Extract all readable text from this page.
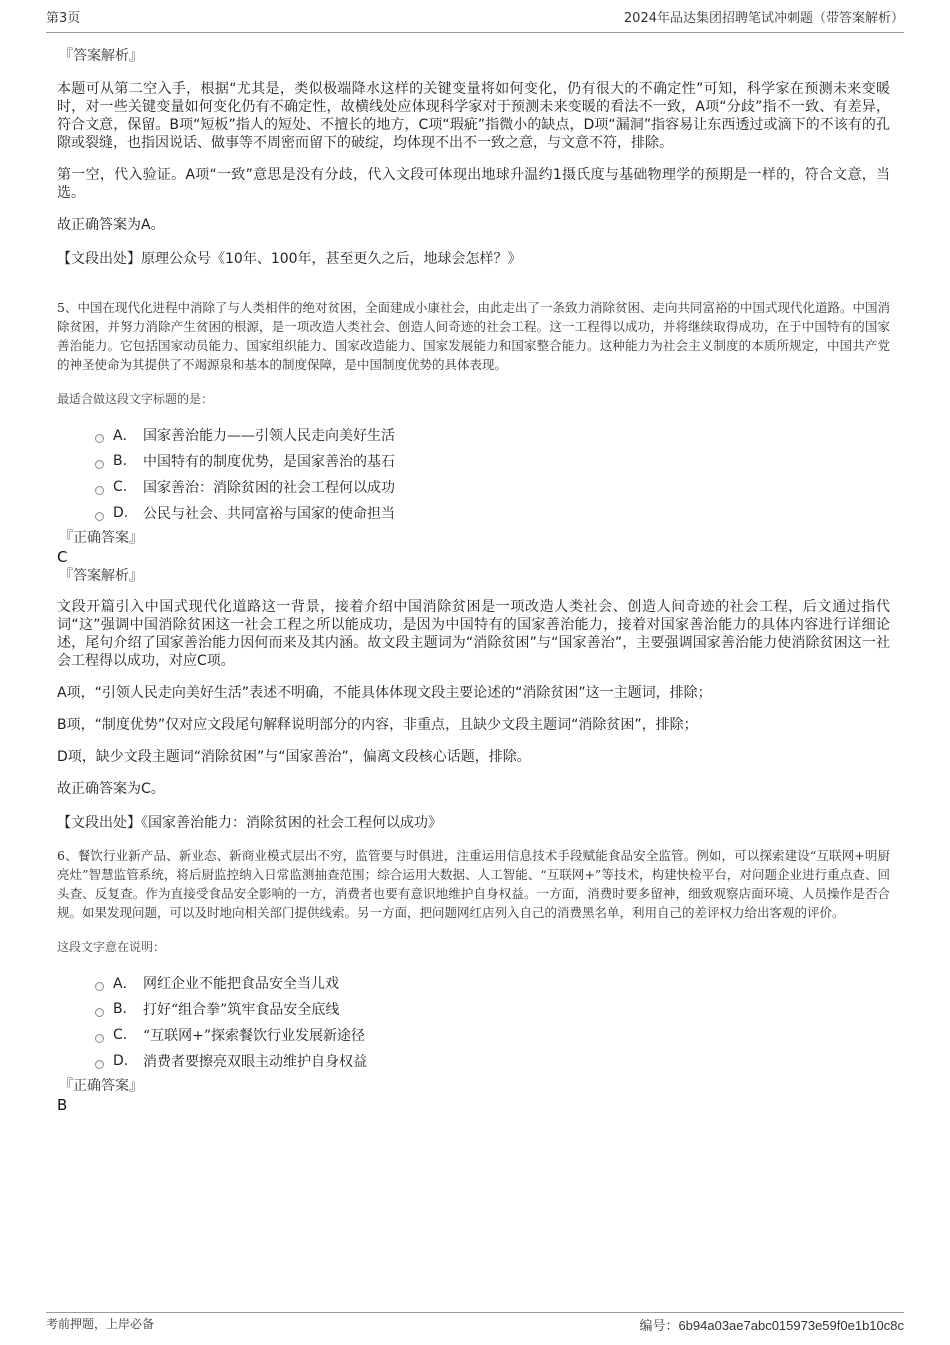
第3页	2024年品达集团招聘笔试冲刺题（带答案解析）
『答案解析』

本题可从第二空入手，根据“尤其是，类似极端降水这样的关键变量将如何变化，仍有很大的不确定性”可知，科学家在预测未来变暖时，对一些关键变量如何变化仍有不确定性，故横线处应体现科学家对于预测未来变暖的看法不一致，A项“分歧”指不一致、有差异，符合文意，保留。B项“短板”指人的短处、不擅长的地方，C项“瑕疵”指微小的缺点，D项“漏洞”指容易让东西透过或滴下的不该有的孔隙或裂缝，也指因说话、做事等不周密而留下的破绽，均体现不出不一致之意，与文意不符，排除。

第一空，代入验证。A项“一致”意思是没有分歧，代入文段可体现出地球升温约1摄氏度与基础物理学的预期是一样的，符合文意，当选。

故正确答案为A。

【文段出处】原理公众号《10年、100年，甚至更久之后，地球会怎样？》

5、中国在现代化进程中消除了与人类相伴的绝对贫困，全面建成小康社会，由此走出了一条致力消除贫困、走向共同富裕的中国式现代化道路。中国消除贫困，并努力消除产生贫困的根源，是一项改造人类社会、创造人间奇迹的社会工程。这一工程得以成功，并将继续取得成功，在于中国特有的国家善治能力。它包括国家动员能力、国家组织能力、国家改造能力、国家发展能力和国家整合能力。这种能力为社会主义制度的本质所规定，中国共产党的神圣使命为其提供了不竭源泉和基本的制度保障，是中国制度优势的具体表现。

最适合做这段文字标题的是：
A． 国家善治能力——引领人民走向美好生活
B.	中国特有的制度优势，是国家善治的基石
C.	国家善治：消除贫困的社会工程何以成功
D.	公民与社会、共同富裕与国家的使命担当
『正确答案』
C
『答案解析』

文段开篇引入中国式现代化道路这一背景，接着介绍中国消除贫困是一项改造人类社会、创造人间奇迹的社会工程，后文通过指代词“这”强调中国消除贫困这一社会工程之所以能成功，是因为中国特有的国家善治能力，接着对国家善治能力的具体内容进行详细论述，尾句介绍了国家善治能力因何而来及其内涵。故文段主题词为“消除贫困”与“国家善治”，主要强调国家善治能力使消除贫困这一社会工程得以成功，对应C项。

A项，“引领人民走向美好生活”表述不明确，不能具体体现文段主要论述的“消除贫困”这一主题词，排除；

B项，“制度优势”仅对应文段尾句解释说明部分的内容，非重点，且缺少文段主题词“消除贫困”，排除；

D项，缺少文段主题词“消除贫困”与“国家善治”，偏离文段核心话题，排除。

故正确答案为C。

【文段出处】《国家善治能力：消除贫困的社会工程何以成功》

6、餐饮行业新产品、新业态、新商业模式层出不穷，监管要与时俱进，注重运用信息技术手段赋能食品安全监管。例如，可以探索建设“互联网+明厨亮灶”智慧监管系统，将后厨监控纳入日常监测抽查范围；综合运用大数据、人工智能、“互联网+”等技术，构建快检平台，对问题企业进行重点查、回头查、反复查。作为直接受食品安全影响的一方，消费者也要有意识地维护自身权益。一方面，消费时要多留神，细致观察店面环境、人员操作是否合规。如果发现问题，可以及时地向相关部门提供线索。另一方面，把问题网红店列入自己的消费黑名单，利用自己的差评权力给出客观的评价。

这段文字意在说明：
A． 网红企业不能把食品安全当儿戏
B.	打好“组合拳”筑牢食品安全底线
C.	“互联网+”探索餐饮行业发展新途径
D.	消费者要擦亮双眼主动维护自身权益
『正确答案』
B
考前押题，上岸必备	编号：6b94a03ae7abc015973e59f0e1b10c8c
